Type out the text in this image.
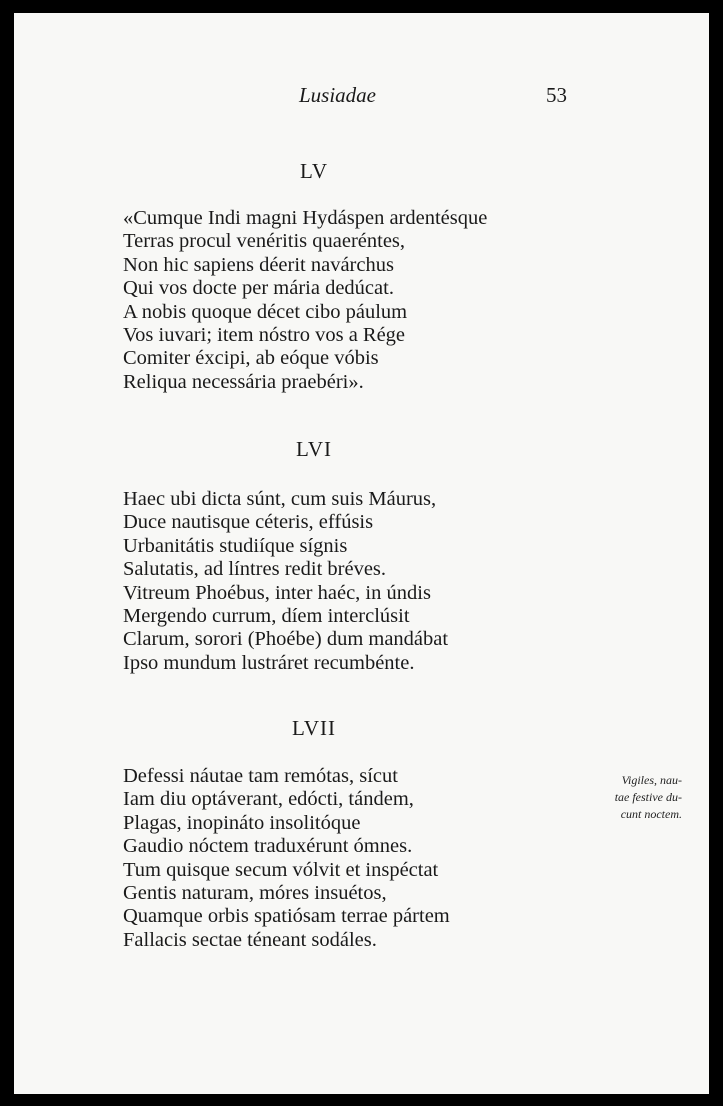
Lusiadae	53
LV
«Cumque Indi magni Hydáspen ardentésque
Terras procul venéritis quaeréntes,
Non hic sapiens déerit navárchus
Qui vos docte per mária dedúcat.
A nobis quoque décet cibo páulum
Vos iuvari; item nóstro vos a Rége
Comiter éxcipi, ab eóque vóbis
Reliqua necessária praebéri».
LVI
Haec ubi dicta súnt, cum suis Máurus,
Duce nautisque céteris, effúsis
Urbanitátis studiíque sígnis
Salutatis, ad líntres redit bréves.
Vitreum Phoébus, inter haéc, in úndis
Mergendo currum, díem interclúsit
Clarum, sorori (Phoébe) dum mandábat
Ipso mundum lustráret recumbénte.
LVII
Defessi náutae tam remótas, sícut
Iam diu optáverant, edócti, tándem,
Plagas, inopináto insolitóque
Gaudio nóctem traduxérunt ómnes.
Tum quisque secum vólvit et inspéctat
Gentis naturam, móres insuétos,
Quamque orbis spatiósam terrae pártem
Fallacis sectae téneant sodáles.
Vigiles, nau-
tae festive du-
cunt noctem.
